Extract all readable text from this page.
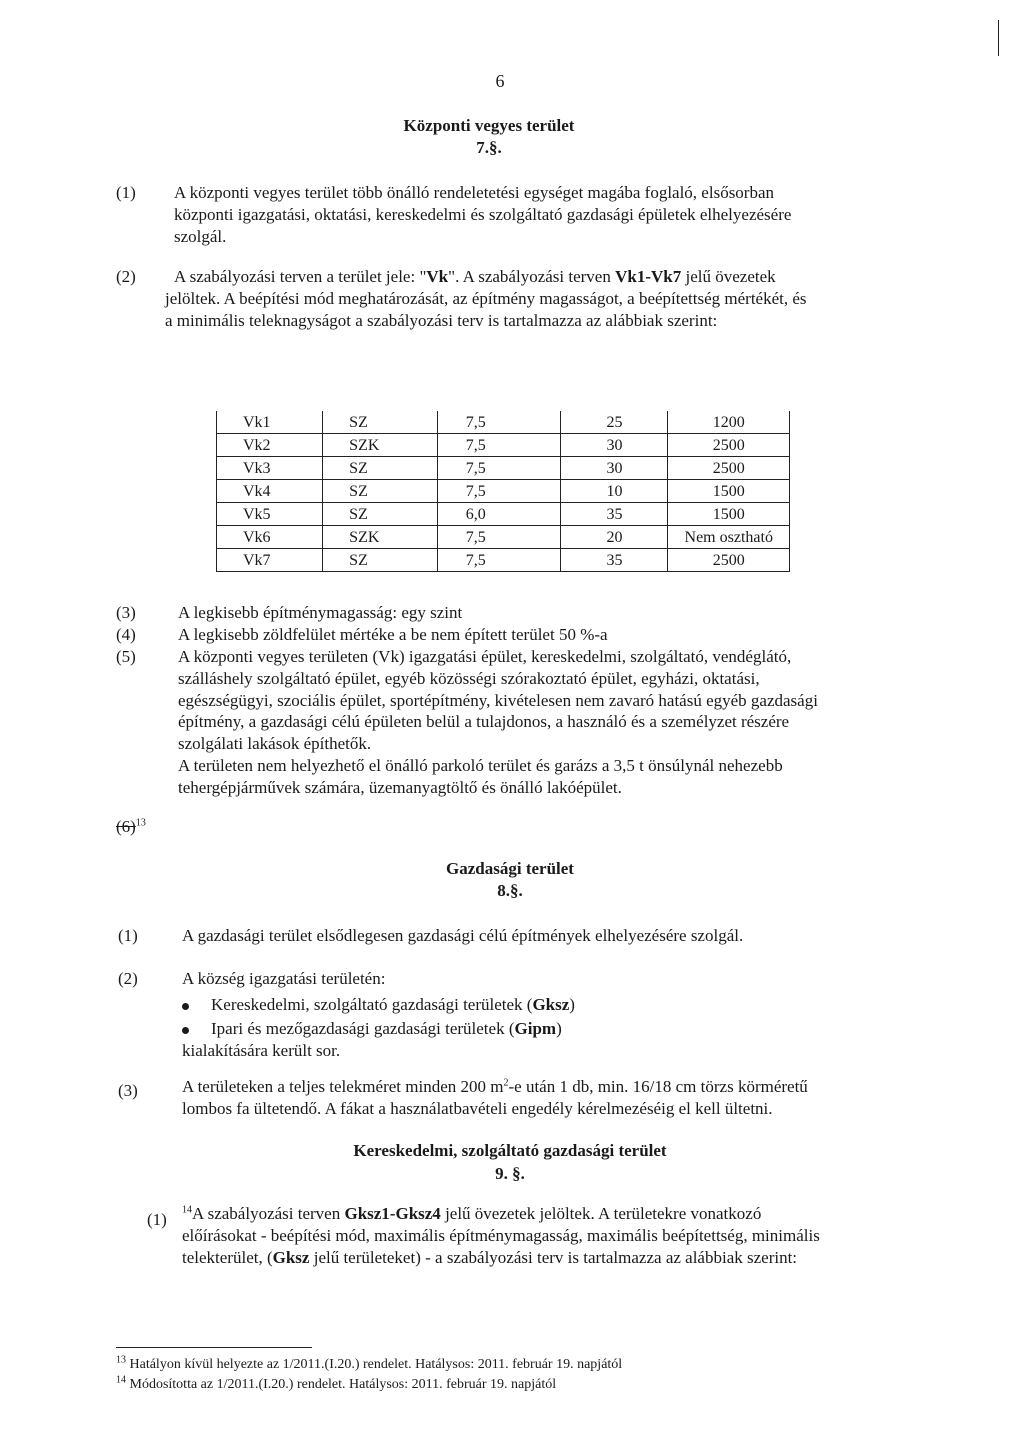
6
Központi vegyes terület
7.§.
(1)	A központi vegyes terület több önálló rendeletetési egységet magába foglaló, elsősorban
központi igazgatási, oktatási, kereskedelmi és szolgáltató gazdasági épületek elhelyezésére
szolgál.
(2)	A szabályozási terven a terület jele: "Vk". A szabályozási terven Vk1-Vk7 jelű övezetek
jelöltek. A beépítési mód meghatározását, az építmény magasságot, a beépítettség mértékét, és
a minimális teleknagyságot a szabályozási terv is tartalmazza az alábbiak szerint:
Vk1	SZ	7,5	25	1200
Vk2	SZK	7,5	30	2500
Vk3	SZ	7,5	30	2500
Vk4	SZ	7,5	10	1500
Vk5	SZ	6,0	35	1500
Vk6	SZK	7,5	20	Nem osztható
Vk7	SZ	7,5	35	2500
(3)	A legkisebb építménymagasság: egy szint
(4)	A legkisebb zöldfelület mértéke a be nem épített terület 50 %-a
(5)	A központi vegyes területen (Vk) igazgatási épület, kereskedelmi, szolgáltató, vendéglátó,
szálláshely szolgáltató épület, egyéb közösségi szórakoztató épület, egyházi, oktatási,
egészségügyi, szociális épület, sportépítmény, kivételesen nem zavaró hatású egyéb gazdasági
építmény, a gazdasági célú épületen belül a tulajdonos, a használó és a személyzet részére
szolgálati lakások építhetők.
A területen nem helyezhető el önálló parkoló terület és garázs a 3,5 t önsúlynál nehezebb
tehergépjárművek számára, üzemanyagtöltő és önálló lakóépület.
$(6)^{13}$
Gazdasági terület
8.§.
(1)	A gazdasági terület elsődlegesen gazdasági célú építmények elhelyezésére szolgál.
(2)	A község igazgatási területén:
Kereskedelmi, szolgáltató gazdasági területek (Gksz)
Ipari és mezőgazdasági gazdasági területek (Gipm)
kialakítására került sor.
(3)	A területeken a teljes telekméret minden 200 $m^2-e$ után 1 db, min. 16/18 cm törzs körméretű
lombos fa ültetendő. A fákat a használatbavételi engedély kérelmezéséig el kell ültetni.
Kereskedelmi, szolgáltató gazdasági terület
9. §.
(1)
$^{14}$A szabályozási terven Gksz1-Gksz4 jelű övezetek jelöltek. A területekre vonatkozó
előírásokat - beépítési mód, maximális építménymagasság, maximális beépítettség, minimális
telekterület, (Gksz jelű területeket) - a szabályozási terv is tartalmazza az alábbiak szerint:
$^{13}$ Hatályon kívül helyezte az 1/2011.(I.20.) rendelet. Hatálysos: 2011. február 19. napjától
$^{14}$ Módosította az 1/2011.(I.20.) rendelet. Hatálysos: 2011. február 19. napjától
